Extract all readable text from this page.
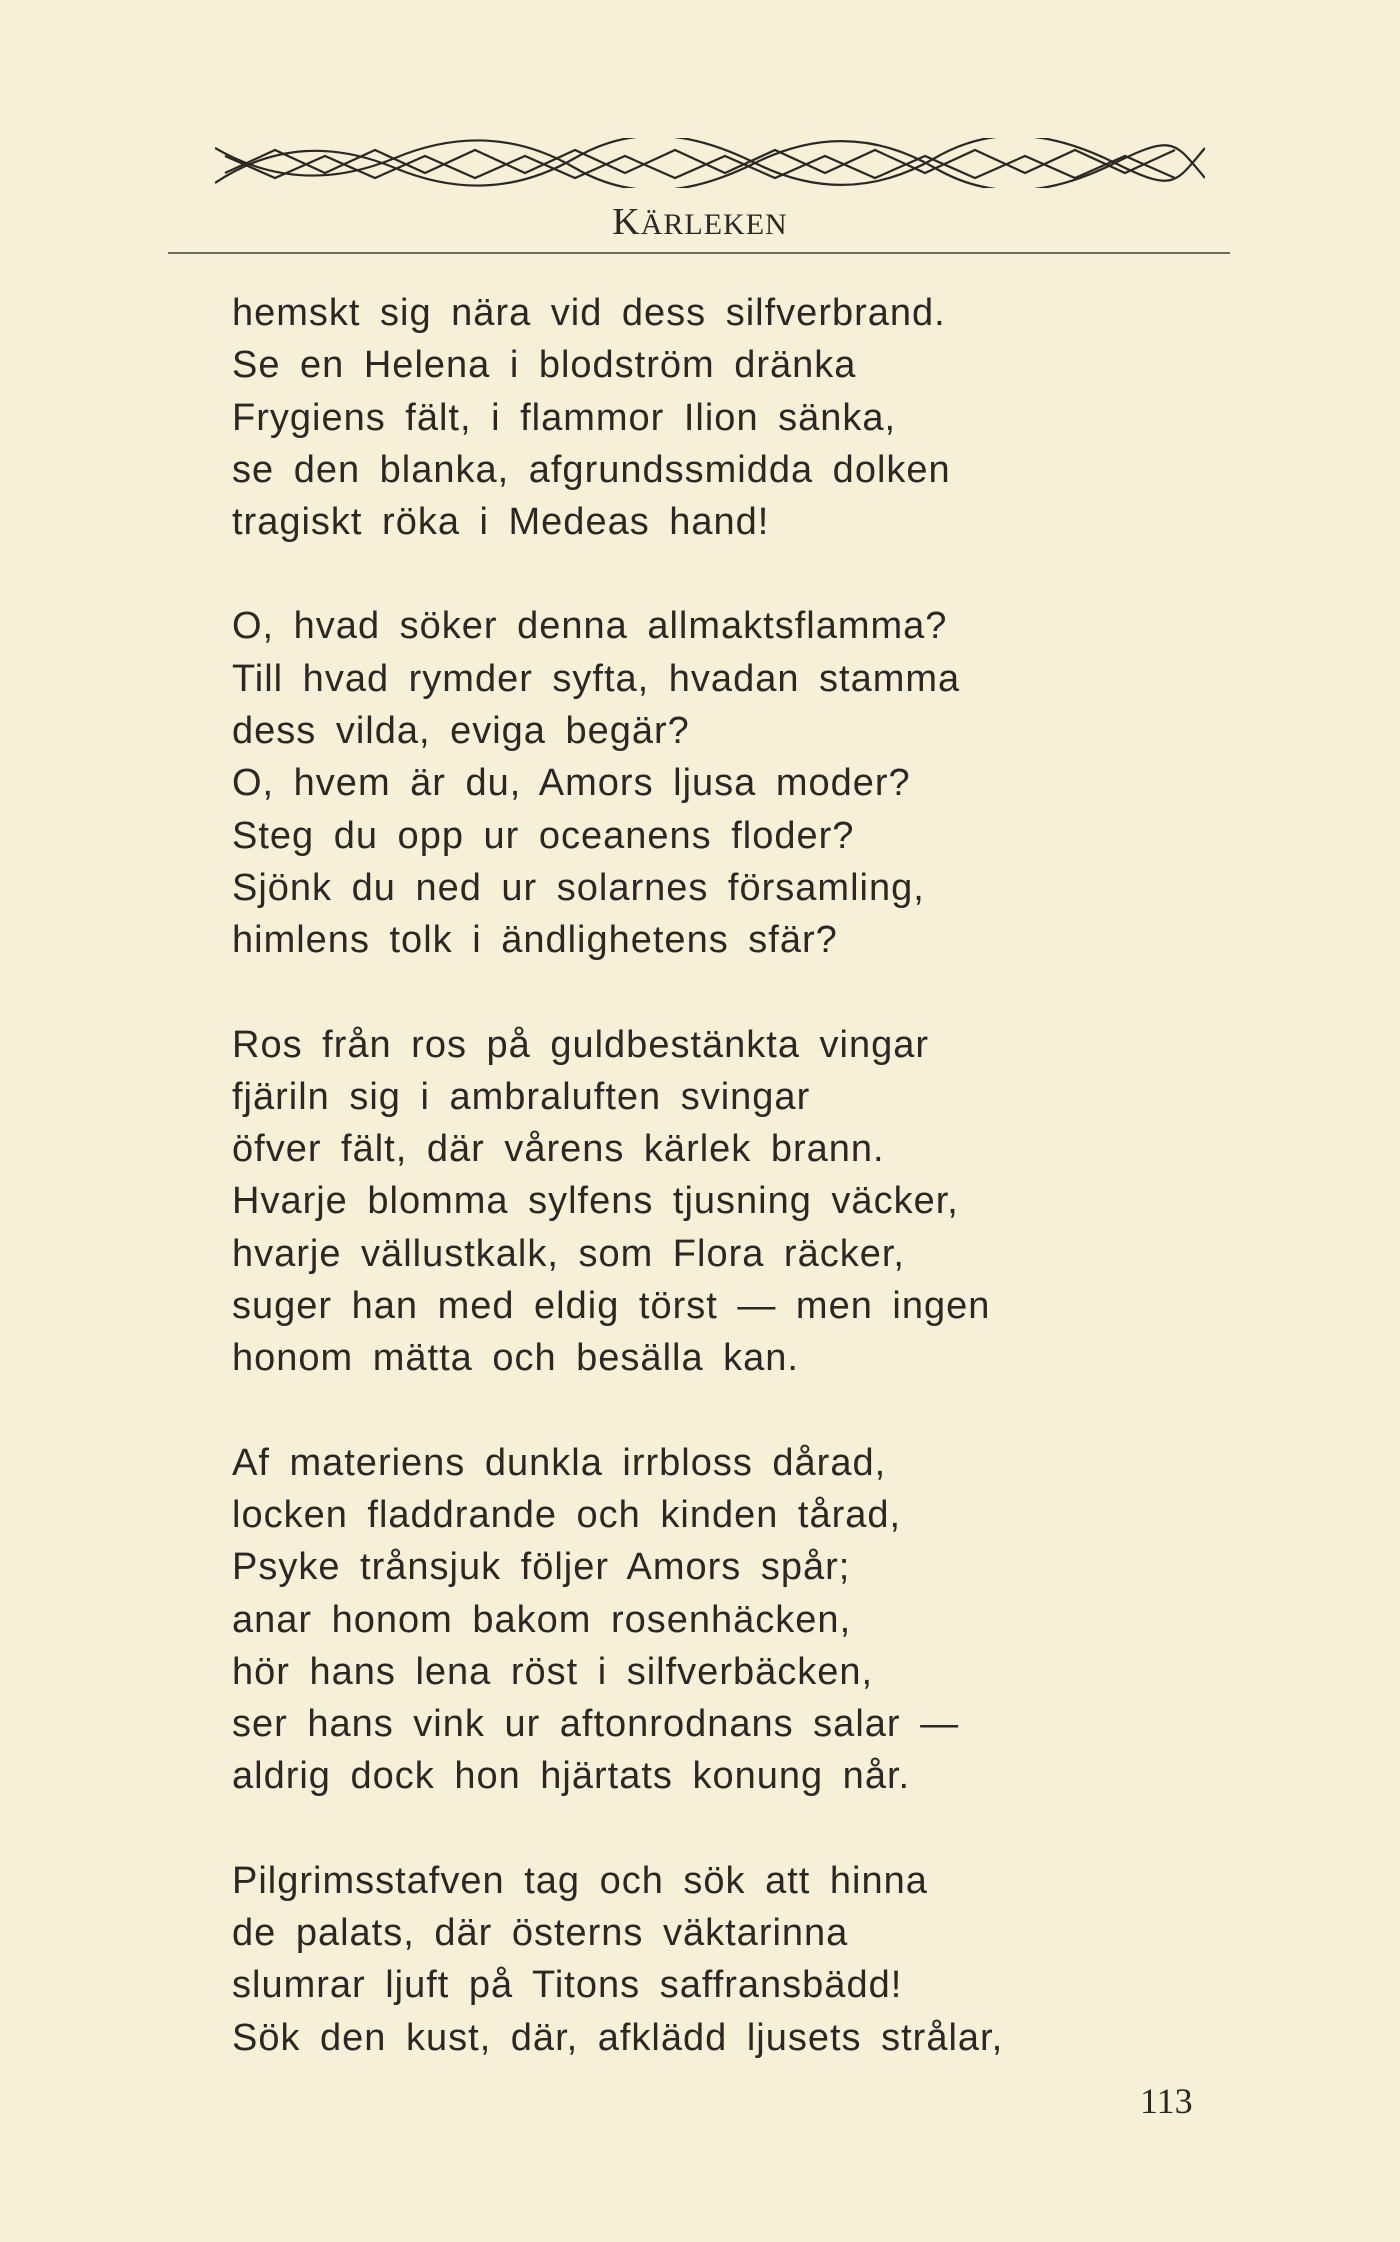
KÄRLEKEN
hemskt sig nära vid dess silfverbrand.
Se en Helena i blodström dränka
Frygiens fält, i flammor Ilion sänka,
se den blanka, afgrundssmidda dolken
tragiskt röka i Medeas hand!
O, hvad söker denna allmaktsflamma?
Till hvad rymder syfta, hvadan stamma
dess vilda, eviga begär?
O, hvem är du, Amors ljusa moder?
Steg du opp ur oceanens floder?
Sjönk du ned ur solarnes församling,
himlens tolk i ändlighetens sfär?
Ros från ros på guldbestänkta vingar
fjäriln sig i ambraluften svingar
öfver fält, där vårens kärlek brann.
Hvarje blomma sylfens tjusning väcker,
hvarje vällustkalk, som Flora räcker,
suger han med eldig törst — men ingen
honom mätta och besälla kan.
Af materiens dunkla irrbloss dårad,
locken fladdrande och kinden tårad,
Psyke trånsjuk följer Amors spår;
anar honom bakom rosenhäcken,
hör hans lena röst i silfverbäcken,
ser hans vink ur aftonrodnans salar —
aldrig dock hon hjärtats konung når.
Pilgrimsstafven tag och sök att hinna
de palats, där österns väktarinna
slumrar ljuft på Titons saffransbädd!
Sök den kust, där, afklädd ljusets strålar,
113
